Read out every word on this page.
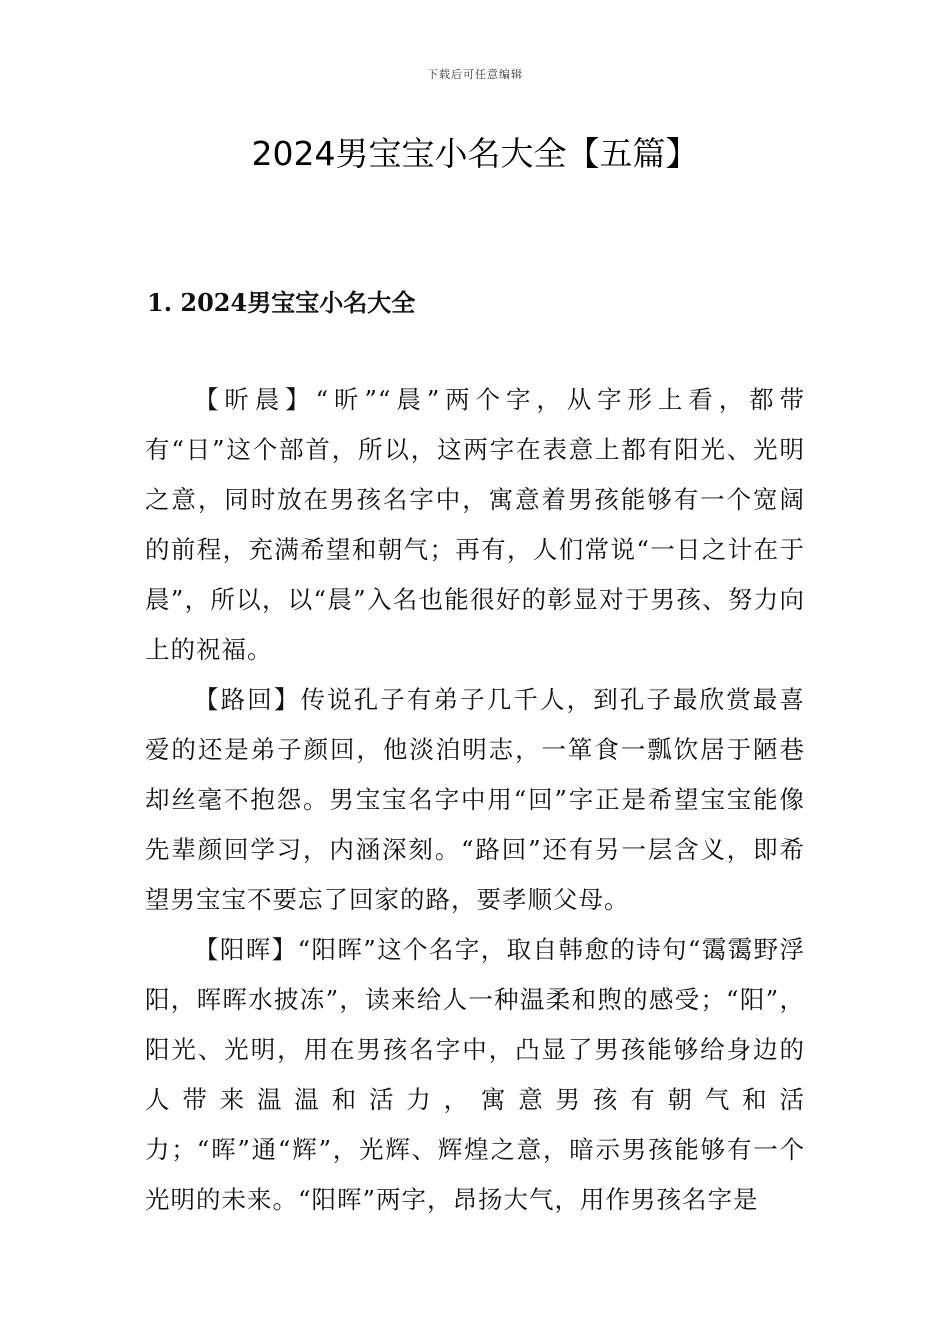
下载后可任意编辑
2024男宝宝小名大全【五篇】
1. 2024男宝宝小名大全

【昕晨】“昕”“晨”两个字，从字形上看，都带有“日”这个部首，所以，这两字在表意上都有阳光、光明之意，同时放在男孩名字中，寓意着男孩能够有一个宽阔的前程，充满希望和朝气；再有，人们常说“一日之计在于晨”，所以，以“晨”入名也能很好的彰显对于男孩、努力向上的祝福。

【路回】传说孔子有弟子几千人，到孔子最欣赏最喜爱的还是弟子颜回，他淡泊明志，一箪食一瓢饮居于陋巷却丝毫不抱怨。男宝宝名字中用“回”字正是希望宝宝能像先辈颜回学习，内涵深刻。“路回”还有另一层含义，即希望男宝宝不要忘了回家的路，要孝顺父母。

【阳晖】“阳晖”这个名字，取自韩愈的诗句“霭霭野浮阳，晖晖水披冻”，读来给人一种温柔和煦的感受；“阳”，阳光、光明，用在男孩名字中，凸显了男孩能够给身边的人带来温温和活力，寓意男孩有朝气和活力；“晖”通“辉”，光辉、辉煌之意，暗示男孩能够有一个光明的未来。“阳晖”两字，昂扬大气，用作男孩名字是
